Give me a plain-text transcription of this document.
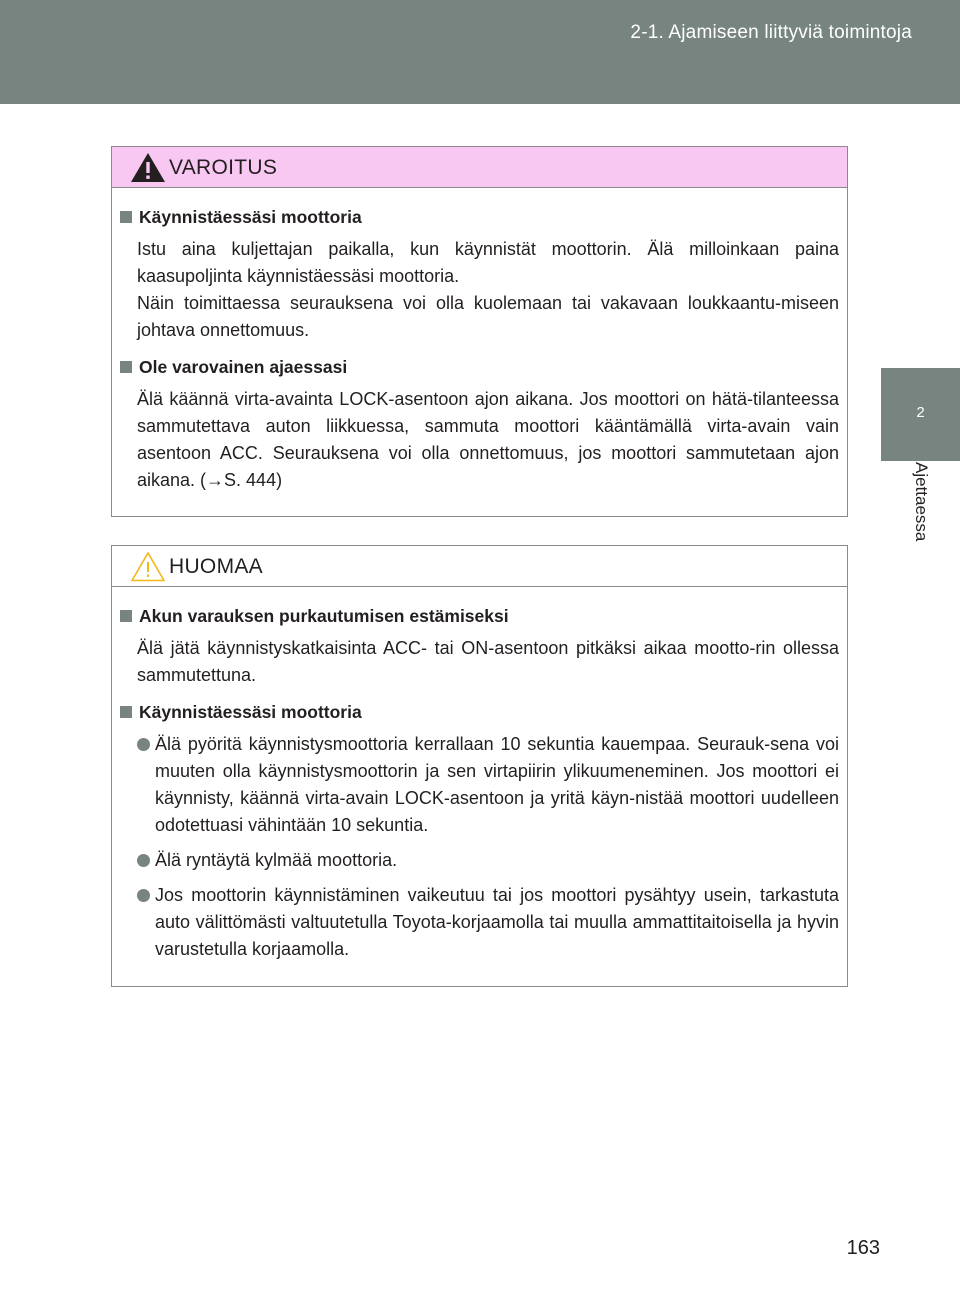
2-1. Ajamiseen liittyviä toimintoja
2
Ajettaessa
VAROITUS
Käynnistäessäsi moottoria

Istu aina kuljettajan paikalla, kun käynnistät moottorin. Älä milloinkaan paina kaasupoljinta käynnistäessäsi moottoria.

Näin toimittaessa seurauksena voi olla kuolemaan tai vakavaan loukkaantu-miseen johtava onnettomuus.

Ole varovainen ajaessasi

Älä käännä virta-avainta LOCK-asentoon ajon aikana. Jos moottori on hätä-tilanteessa sammutettava auton liikkuessa, sammuta moottori kääntämällä virta-avain vain asentoon ACC. Seurauksena voi olla onnettomuus, jos moottori sammutetaan ajon aikana. (→S. 444)

HUOMAA
Akun varauksen purkautumisen estämiseksi

Älä jätä käynnistyskatkaisinta ACC- tai ON-asentoon pitkäksi aikaa mootto-rin ollessa sammutettuna.

Käynnistäessäsi moottoria
Älä pyöritä käynnistysmoottoria kerrallaan 10 sekuntia kauempaa. Seurauk-sena voi muuten olla käynnistysmoottorin ja sen virtapiirin ylikuumeneminen. Jos moottori ei käynnisty, käännä virta-avain LOCK-asentoon ja yritä käyn-nistää moottori uudelleen odotettuasi vähintään 10 sekuntia.
Älä ryntäytä kylmää moottoria.
Jos moottorin käynnistäminen vaikeutuu tai jos moottori pysähtyy usein, tarkastuta auto välittömästi valtuutetulla Toyota-korjaamolla tai muulla ammattitaitoisella ja hyvin varustetulla korjaamolla.
163
